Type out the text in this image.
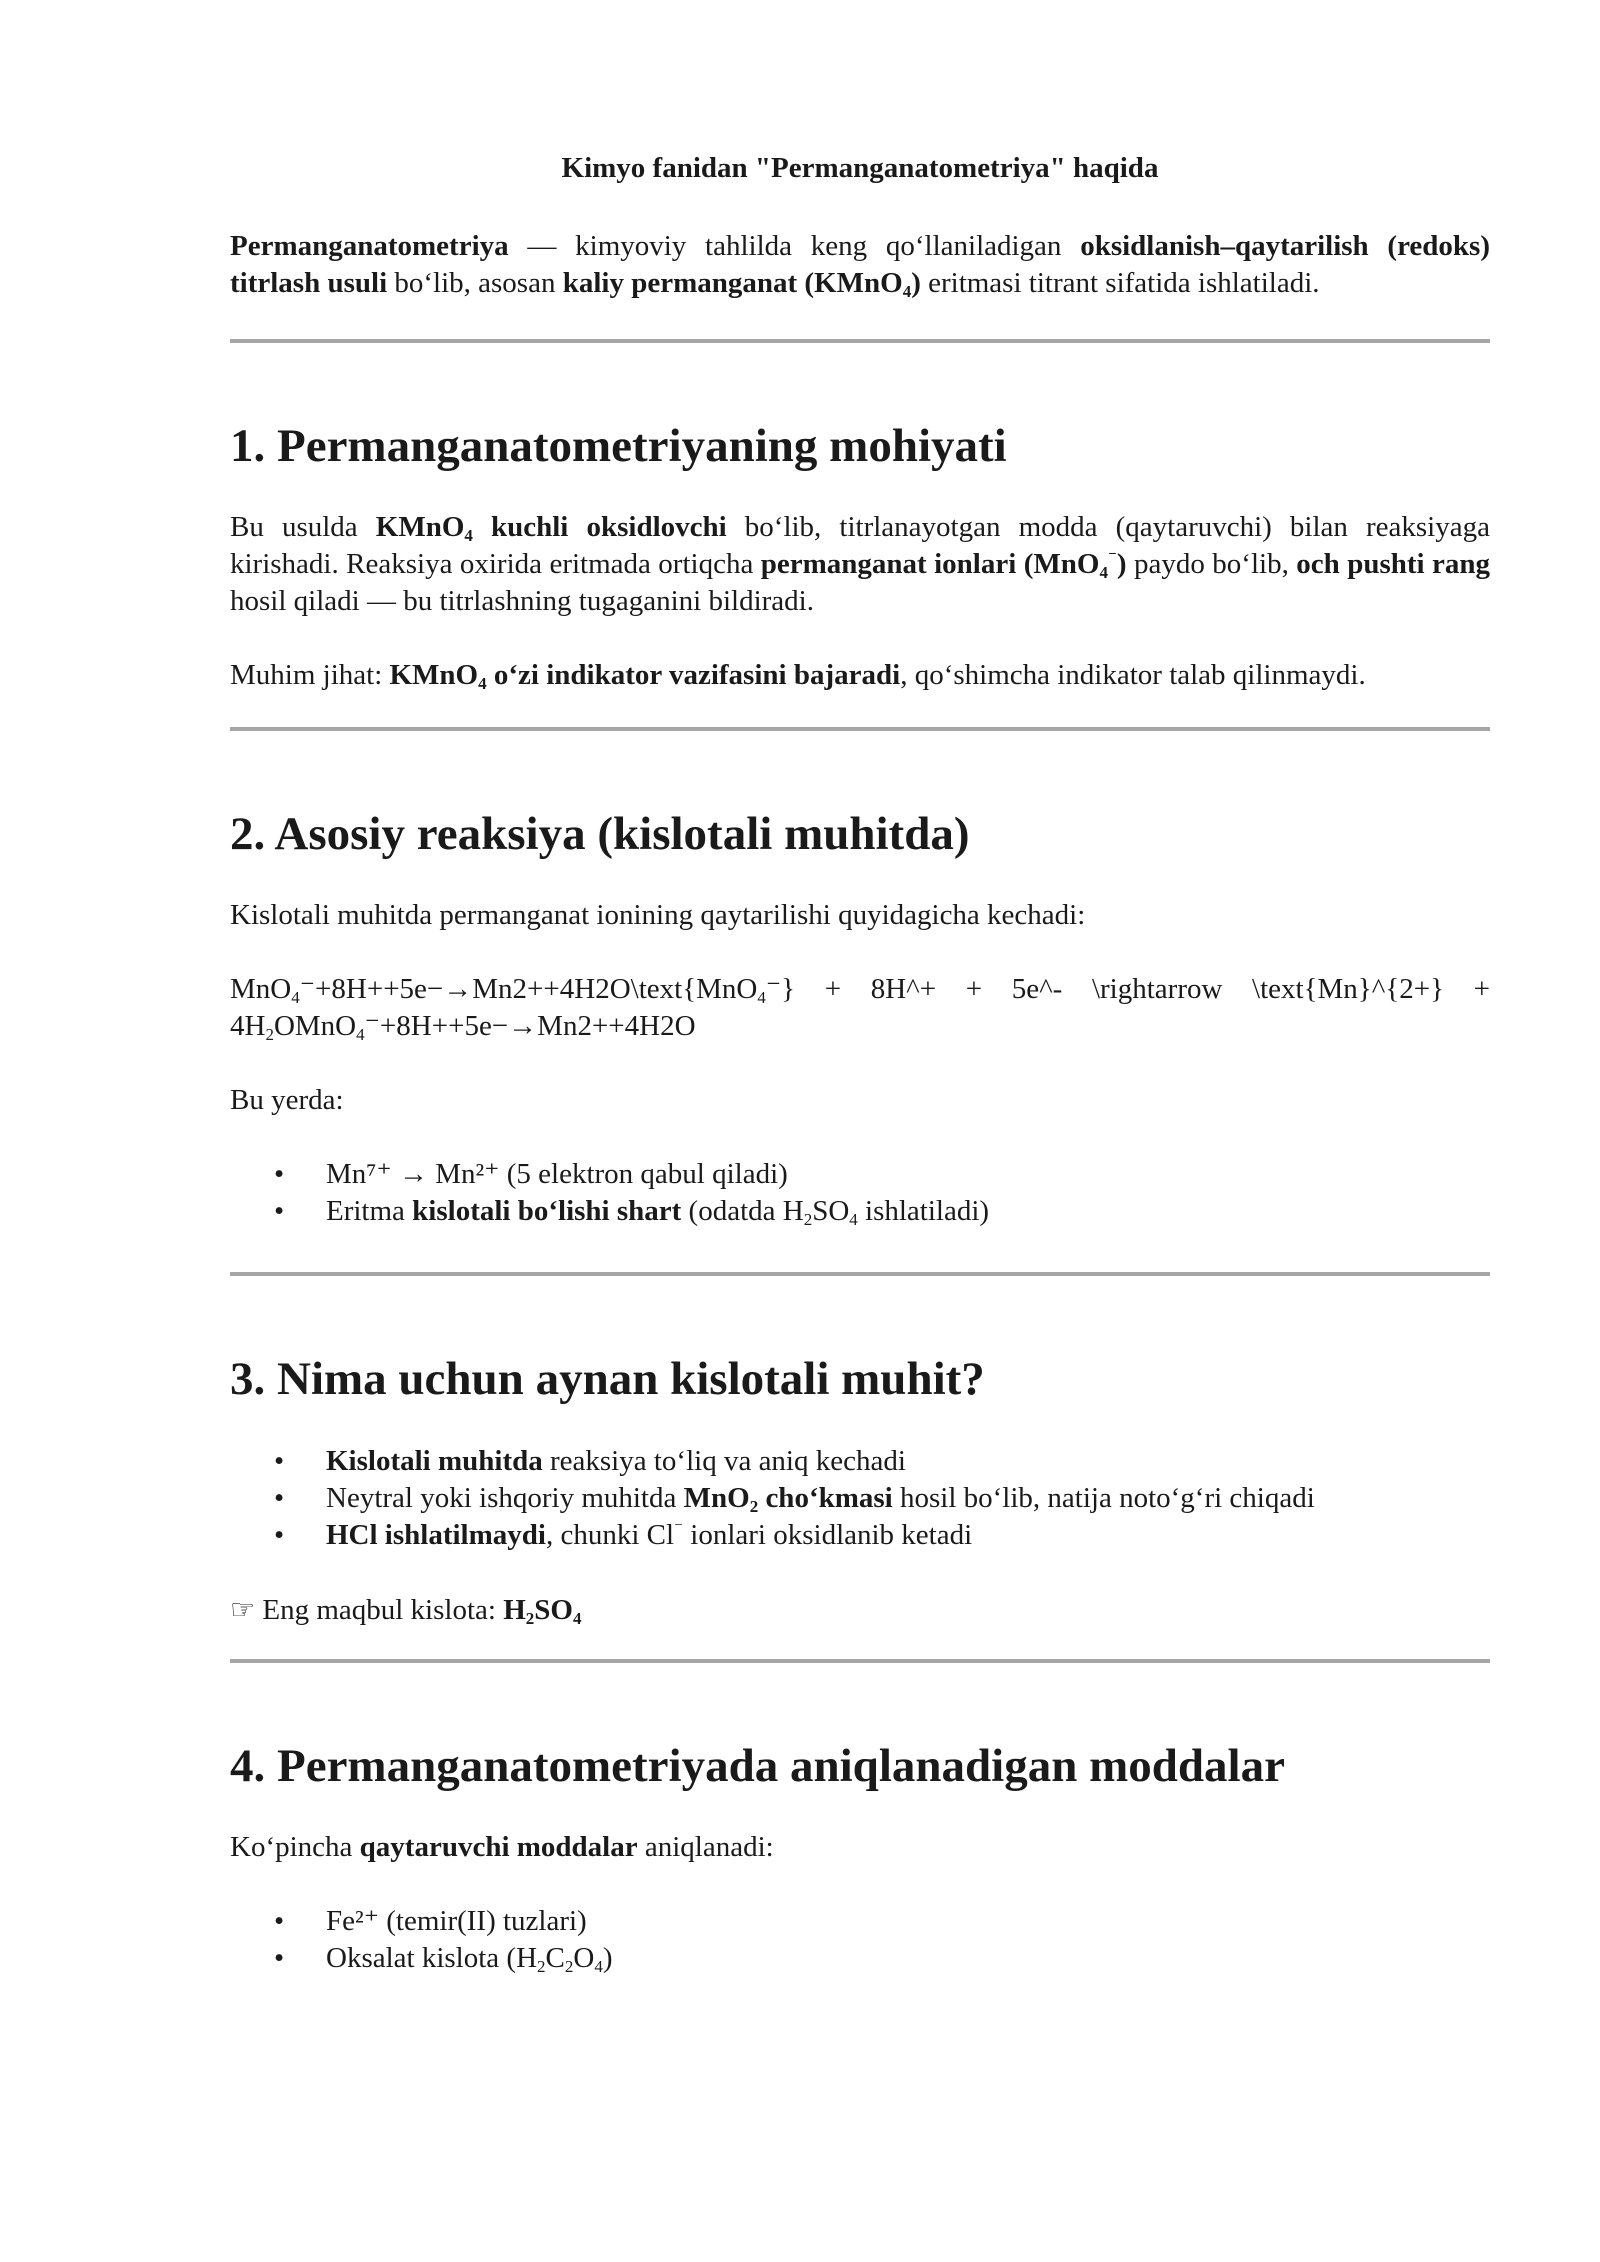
Kimyo fanidan "Permanganatometriya" haqida

Permanganatometriya — kimyoviy tahlilda keng qo‘llaniladigan oksidlanish–qaytarilish (redoks) titrlash usuli bo‘lib, asosan kaliy permanganat (KMnO$_4$) eritmasi titrant sifatida ishlatiladi.

1. Permanganatometriyaning mohiyati

Bu usulda KMnO$_4$ kuchli oksidlovchi bo‘lib, titrlanayotgan modda (qaytaruvchi) bilan reaksiyaga kirishadi. Reaksiya oxirida eritmada ortiqcha permanganat ionlari (MnO$_4$⁻) paydo bo‘lib, och pushti rang hosil qiladi — bu titrlashning tugaganini bildiradi.

Muhim jihat: KMnO$_4$ o‘zi indikator vazifasini bajaradi, qo‘shimcha indikator talab qilinmaydi.

2. Asosiy reaksiya (kislotali muhitda)

Kislotali muhitda permanganat ionining qaytarilishi quyidagicha kechadi:

MnO$_4$⁻+8H++5e−→Mn2++4H2O\text{MnO$_4$⁻} + 8H^+ + 5e^- \rightarrow \text{Mn}^{2+} + $4H_2OMnO_4^-+8H++5e-\to Mn2++4H2O$

Bu yerda:

• Mn⁷⁺ → Mn²⁺ (5 elektron qabul qiladi)
• Eritma kislotali bo‘lishi shart (odatda $H_2SO_4$ ishlatiladi)
3. Nima uchun aynan kislotali muhit?
• Kislotali muhitda reaksiya to‘liq va aniq kechadi
• Neytral yoki ishqoriy muhitda MnO$_2$ cho‘kmasi hosil bo‘lib, natija noto‘g‘ri chiqadi
• HCl ishlatilmaydi, chunki Cl⁻ ionlari oksidlanib ketadi

☞ Eng maqbul kislota: $H_2SO_4$

4. Permanganatometriyada aniqlanadigan moddalar

Ko‘pincha qaytaruvchi moddalar aniqlanadi:

• Fe²⁺ (temir(II) tuzlari)
• Oksalat kislota $(H_2C_2O_4)$
